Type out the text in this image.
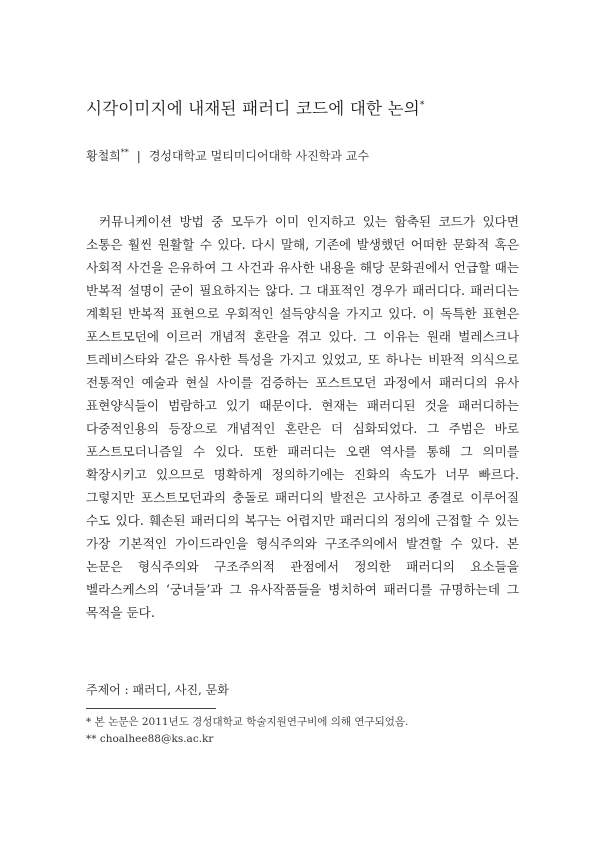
시각이미지에 내재된 패러디 코드에 대한 논의*
황철희** | 경성대학교 멀티미디어대학 사진학과 교수
커뮤니케이션 방법 중 모두가 이미 인지하고 있는 함축된 코드가 있다면 소통은 훨씬 원활할 수 있다. 다시 말해, 기존에 발생했던 어떠한 문화적 혹은 사회적 사건을 은유하여 그 사건과 유사한 내용을 해당 문화권에서 언급할 때는 반복적 설명이 굳이 필요하지는 않다. 그 대표적인 경우가 패러디다. 패러디는 계획된 반복적 표현으로 우회적인 설득양식을 가지고 있다. 이 독특한 표현은 포스트모던에 이르러 개념적 혼란을 겪고 있다. 그 이유는 원래 벌레스크나 트레비스타와 같은 유사한 특성을 가지고 있었고, 또 하나는 비판적 의식으로 전통적인 예술과 현실 사이를 검증하는 포스트모던 과정에서 패러디의 유사 표현양식들이 범람하고 있기 때문이다. 현재는 패러디된 것을 패러디하는 다중적인용의 등장으로 개념적인 혼란은 더 심화되었다. 그 주범은 바로 포스트모더니즘일 수 있다. 또한 패러디는 오랜 역사를 통해 그 의미를 확장시키고 있으므로 명확하게 정의하기에는 진화의 속도가 너무 빠르다. 그렇지만 포스트모던과의 충돌로 패러디의 발전은 고사하고 종결로 이루어질 수도 있다. 훼손된 패러디의 복구는 어렵지만 패러디의 정의에 근접할 수 있는 가장 기본적인 가이드라인을 형식주의와 구조주의에서 발견할 수 있다. 본 논문은 형식주의와 구조주의적 관점에서 정의한 패러디의 요소들을 벨라스케스의 ‘궁녀들’과 그 유사작품들을 병치하여 패러디를 규명하는데 그 목적을 둔다.
주제어 : 패러디, 사진, 문화
* 본 논문은 2011년도 경성대학교 학술지원연구비에 의해 연구되었음.
** choalhee88@ks.ac.kr
